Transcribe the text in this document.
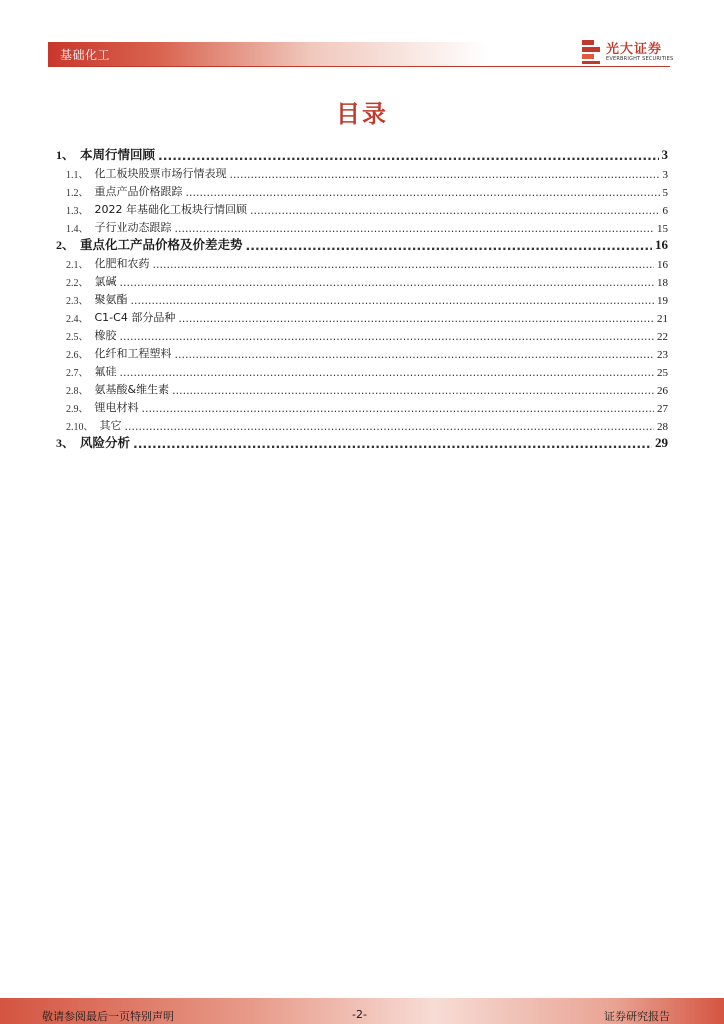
基础化工	光大证券
EVERBRIGHT SECURITIES
目录
1、 本周行情回顾 .....	3
1.1、 化工板块股票市场行情表现 .....	3
1.2、 重点产品价格跟踪 .....	5
1.3、 2022 年基础化工板块行情回顾 .....	6
1.4、 子行业动态跟踪 .....	15
2、 重点化工产品价格及价差走势 .....	16
2.1、 化肥和农药 .....	16
2.2、 氯碱 .....	18
2.3、 聚氨酯 .....	19
2.4、 C1-C4 部分品种 .....	21
2.5、 橡胶 .....	22
2.6、 化纤和工程塑料 .....	23
2.7、 氟硅 .....	25
2.8、 氨基酸&维生素 .....	26
2.9、 锂电材料 .....	27
2.10、 其它 .....	28
3、 风险分析 .....	29
敬请参阅最后一页特别声明	-2-	证券研究报告
